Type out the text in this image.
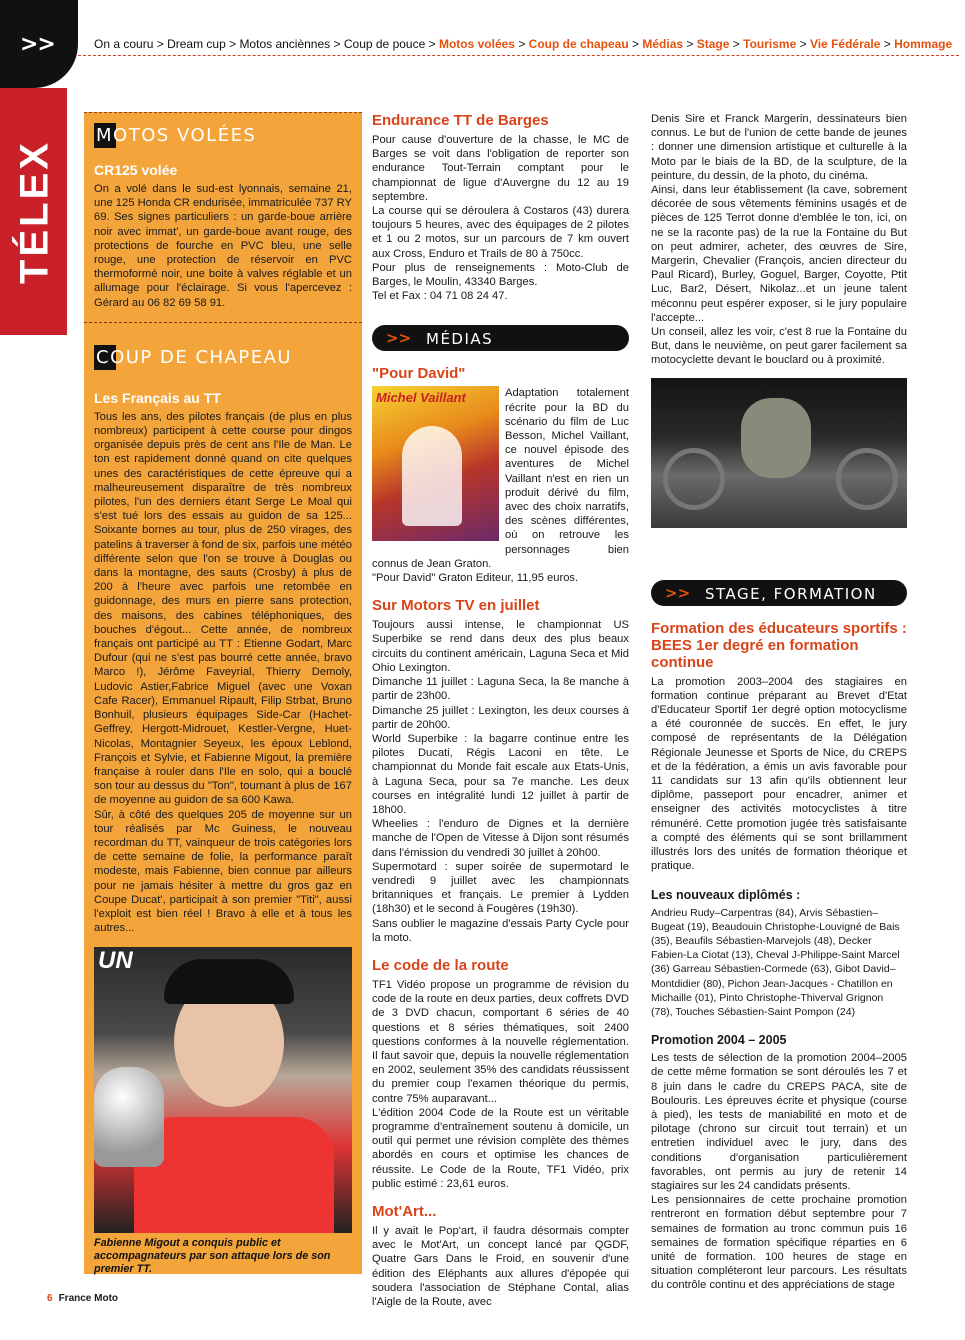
>>	On a couru > Dream cup > Motos anciènnes > Coup de pouce > Motos volées > Coup de chapeau > Médias > Stage > Tourisme > Vie Fédérale > Hommage
TÉLEX
MOTOS VOLÉES
CR125 volée

On a volé dans le sud-est lyonnais, semaine 21, une 125 Honda CR endurisée, immatriculée 737 RY 69. Ses signes particuliers : un garde-boue arrière noir avec immat', un garde-boue avant rouge, des protections de fourche en PVC bleu, une selle rouge, une protection de réservoir en PVC thermoformé noir, une boite à valves réglable et un allumage pour l'éclairage. Si vous l'apercevez : Gérard au 06 82 69 58 91.

COUP DE CHAPEAU
Les Français au TT

Tous les ans, des pilotes français (de plus en plus nombreux) participent à cette course pour dingos organisée depuis près de cent ans l'Ile de Man. Le ton est rapidement donné quand on cite quelques unes des caractéristiques de cette épreuve qui a malheureusement disparaître de très nombreux pilotes, l'un des derniers étant Serge Le Moal qui s'est tué lors des essais au guidon de sa 125... Soixante bornes au tour, plus de 250 virages, des patelins à traverser à fond de six, parfois une météo différente selon que l'on se trouve à Douglas ou dans la montagne, des sauts (Crosby) à plus de 200 à l'heure avec parfois une retombée en guidonnage, des murs en pierre sans protection, des maisons, des cabines téléphoniques, des bouches d'égout... Cette année, de nombreux français ont participé au TT : Etienne Godart, Marc Dufour (qui ne s'est pas bourré cette année, bravo Marco !), Jérôme Faveyrial, Thierry Demoly, Ludovic Astier,Fabrice Miguel (avec une Voxan Cafe Racer), Emmanuel Ripault, Filip Strbat, Bruno Bonhuil, plusieurs équipages Side-Car (Hachet-Geffrey, Hergott-Midrouet, Kestler-Vergne, Huet-Nicolas, Montagnier Seyeux, les époux Leblond, François et Sylvie, et Fabienne Migout, la première française à rouler dans l'Ile en solo, qui a bouclé son tour au dessus du "Ton", tournant à plus de 167 de moyenne au guidon de sa 600 Kawa.
Sûr, à côté des quelques 205 de moyenne sur un tour réalisés par Mc Guiness, le nouveau recordman du TT, vainqueur de trois catégories lors de cette semaine de folie, la performance paraît modeste, mais Fabienne, bien connue par ailleurs pour ne jamais hésiter à mettre du gros gaz en Coupe Ducat', participait à son premier "Titi", aussi l'exploit est bien réel ! Bravo à elle et à tous les autres...

UN
Fabienne Migout a conquis public et accompagnateurs par son attaque lors de son premier TT.
Endurance TT de Barges

Pour cause d'ouverture de la chasse, le MC de Barges se voit dans l'obligation de reporter son endurance Tout-Terrain comptant pour le championnat de ligue d'Auvergne du 12 au 19 septembre.
La course qui se déroulera à Costaros (43) durera toujours 5 heures, avec des équipages de 2 pilotes et 1 ou 2 motos, sur un parcours de 7 km ouvert aux Cross, Enduro et Trails de 80 à 750cc.
Pour plus de renseignements : Moto-Club de Barges, le Moulin, 43340 Barges.
Tel et Fax : 04 71 08 24 47.

>> MÉDIAS
"Pour David"
Michel Vaillant	Adaptation totalement récrite pour la BD du scénario du film de Luc Besson, Michel Vaillant, ce nouvel épisode des aventures de Michel Vaillant n'est en rien un produit dérivé du film, avec des choix narratifs, des scènes différentes, où on retrouve les personnages bien connus de Jean Graton.
"Pour David" Graton Editeur, 11,95 euros.

Sur Motors TV en juillet

Toujours aussi intense, le championnat US Superbike se rend dans deux des plus beaux circuits du continent américain, Laguna Seca et Mid Ohio Lexington.
Dimanche 11 juillet : Laguna Seca, la 8e manche à partir de 23h00.
Dimanche 25 juillet : Lexington, les deux courses à partir de 20h00.
World Superbike : la bagarre continue entre les pilotes Ducati, Régis Laconi en tête. Le championnat du Monde fait escale aux Etats-Unis, à Laguna Seca, pour sa 7e manche. Les deux courses en intégralité lundi 12 juillet à partir de 18h00.
Wheelies : l'enduro de Dignes et la dernière manche de l'Open de Vitesse à Dijon sont résumés dans l'émission du vendredi 30 juillet à 20h00.
Supermotard : super soirée de supermotard le vendredi 9 juillet avec les championnats britanniques et français. Le premier à Lydden (18h30) et le second à Fougères (19h30).
Sans oublier le magazine d'essais Party Cycle pour la moto.

Le code de la route

TF1 Vidéo propose un programme de révision du code de la route en deux parties, deux coffrets DVD de 3 DVD chacun, comportant 6 séries de 40 questions et 8 séries thématiques, soit 2400 questions conformes à la nouvelle réglementation. Il faut savoir que, depuis la nouvelle réglementation en 2002, seulement 35% des candidats réussissent du premier coup l'examen théorique du permis, contre 75% auparavant...
L'édition 2004 Code de la Route est un véritable programme d'entraînement soutenu à domicile, un outil qui permet une révision complète des thèmes abordés en cours et optimise les chances de réussite. Le Code de la Route, TF1 Vidéo, prix public estimé : 23,61 euros.

Mot'Art...

Il y avait le Pop'art, il faudra désormais compter avec le Mot'Art, un concept lancé par QGDF, Quatre Gars Dans le Froid, en souvenir d'une édition des Eléphants aux allures d'épopée qui soudera l'association de Stéphane Contal, alias l'Aigle de la Route, avec

Denis Sire et Franck Margerin, dessinateurs bien connus. Le but de l'union de cette bande de jeunes : donner une dimension artistique et culturelle à la Moto par le biais de la BD, de la sculpture, de la peinture, du dessin, de la photo, du cinéma.
Ainsi, dans leur établissement (la cave, sobrement décorée de sous vêtements féminins usagés et de pièces de 125 Terrot donne d'emblée le ton, ici, on ne se la raconte pas) de la rue la Fontaine du But on peut admirer, acheter, des œuvres de Sire, Margerin, Chevalier (François, ancien directeur du Paul Ricard), Burley, Goguel, Barger, Coyotte, Ptit Luc, Bar2, Désert, Nikolaz...et un jeune talent méconnu peut espérer exposer, si le jury populaire l'accepte...
Un conseil, allez les voir, c'est 8 rue la Fontaine du But, dans le neuvième, on peut garer facilement sa motocyclette devant le bouclard ou à proximité.

>> STAGE, FORMATION
Formation des éducateurs sportifs : BEES 1er degré en formation continue

La promotion 2003–2004 des stagiaires en formation continue préparant au Brevet d'Etat d'Educateur Sportif 1er degré option motocyclisme a été couronnée de succès. En effet, le jury composé de représentants de la Délégation Régionale Jeunesse et Sports de Nice, du CREPS et de la fédération, a émis un avis favorable pour 11 candidats sur 13 afin qu'ils obtiennent leur diplôme, passeport pour encadrer, animer et enseigner des activités motocyclistes à titre rémunéré. Cette promotion jugée très satisfaisante a compté des éléments qui se sont brillamment illustrés lors des unités de formation théorique et pratique.

Les nouveaux diplômés :

Andrieu Rudy–Carpentras (84), Arvis Sébastien–Bugeat (19), Beaudouin Christophe-Louvigné de Bais (35), Beaufils Sébastien-Marvejols (48), Decker Fabien-La Ciotat (13), Cheval J-Philippe-Saint Marcel (36) Garreau Sébastien-Cormede (63), Gibot David–Montdidier (80), Pichon Jean-Jacques - Chatillon en Michaille (01), Pinto Christophe-Thiverval Grignon (78), Touches Sébastien-Saint Pompon (24)

Promotion 2004 – 2005

Les tests de sélection de la promotion 2004–2005 de cette même formation se sont déroulés les 7 et 8 juin dans le cadre du CREPS PACA, site de Boulouris. Les épreuves écrite et physique (course à pied), les tests de maniabilité en moto et de pilotage (chrono sur circuit tout terrain) et un entretien individuel avec le jury, dans des conditions d'organisation particulièrement favorables, ont permis au jury de retenir 14 stagiaires sur les 24 candidats présents.
Les pensionnaires de cette prochaine promotion rentreront en formation début septembre pour 7 semaines de formation au tronc commun puis 16 semaines de formation spécifique réparties en 6 unité de formation. 100 heures de stage en situation compléteront leur parcours. Les résultats du contrôle continu et des appréciations de stage

6 France Moto
